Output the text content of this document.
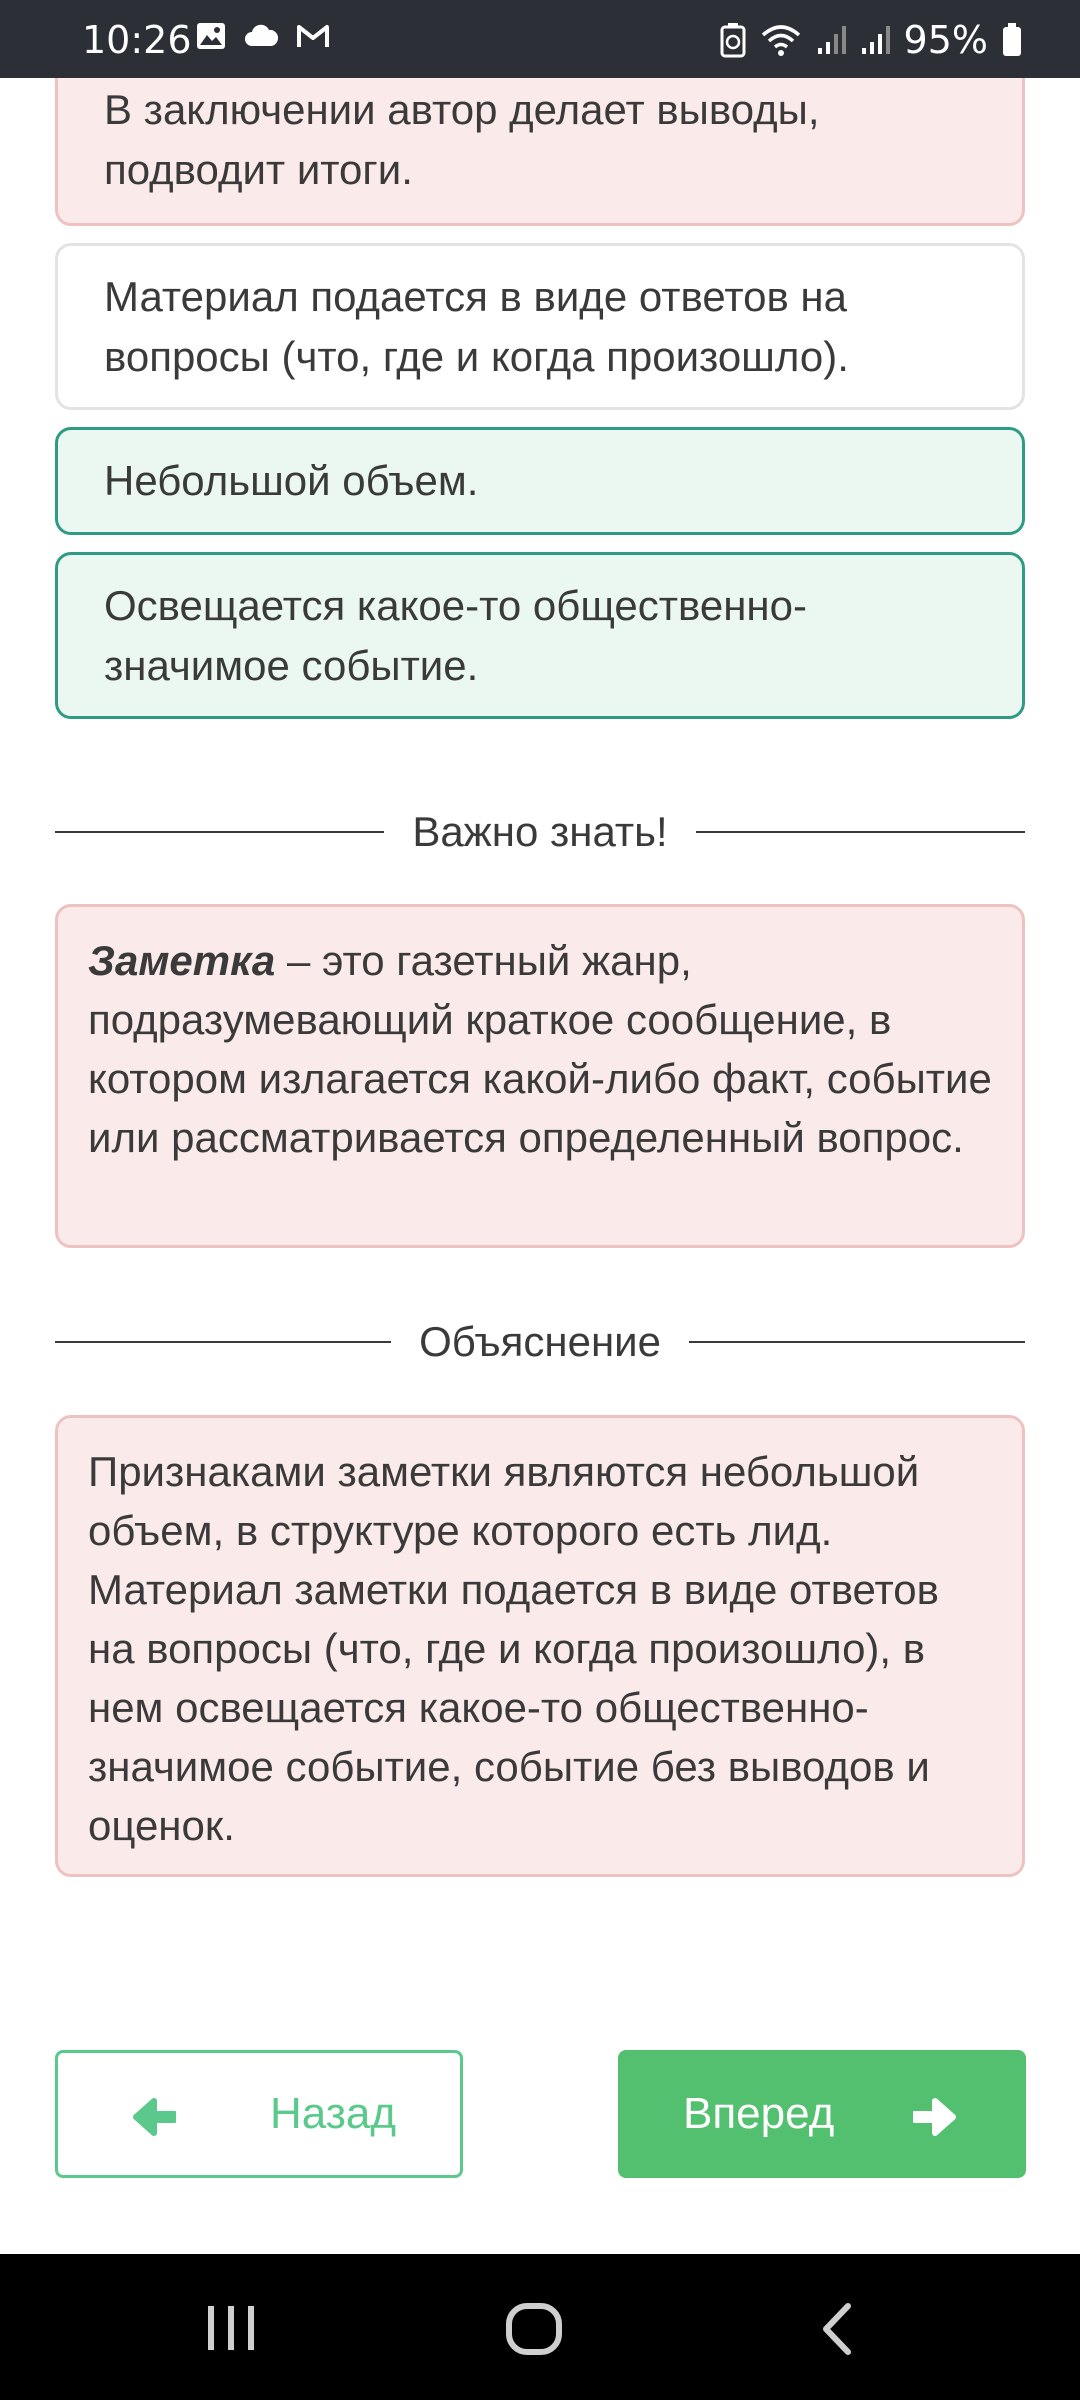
10:26	95%
В заключении автор делает выводы, подводит итоги.
Материал подается в виде ответов на вопросы (что, где и когда произошло).
Небольшой объем.
Освещается какое-то общественно-значимое событие.
Важно знать!
Заметка – это газетный жанр, подразумевающий краткое сообщение, в котором излагается какой-либо факт, событие или рассматривается определенный вопрос.
Объяснение
Признаками заметки являются небольшой объем, в структуре которого есть лид. Материал заметки подается в виде ответов на вопросы (что, где и когда произошло), в нем освещается какое-то общественно-значимое событие, событие без выводов и оценок.
Назад	Вперед
